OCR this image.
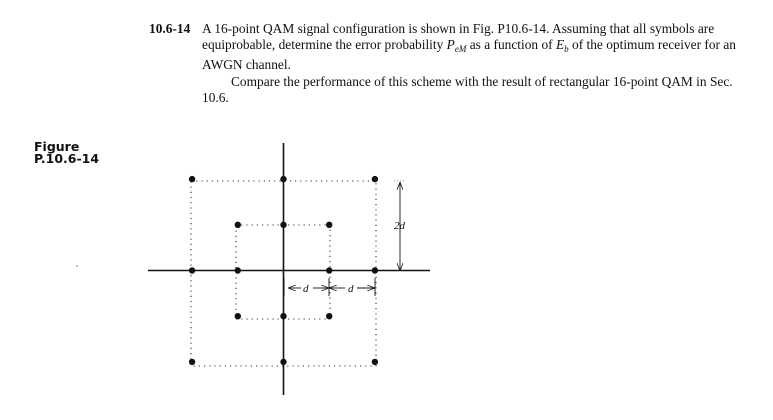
10.6-14 A 16-point QAM signal configuration is shown in Fig. P10.6-14. Assuming that all symbols are equiprobable, determine the error probability $P_{eM}$ as a function of $E_b$ of the optimum receiver for an AWGN channel.
Compare the performance of this scheme with the result of rectangular 16-point QAM in Sec. 10.6.
Figure
P.10.6-14
2d
d	d
